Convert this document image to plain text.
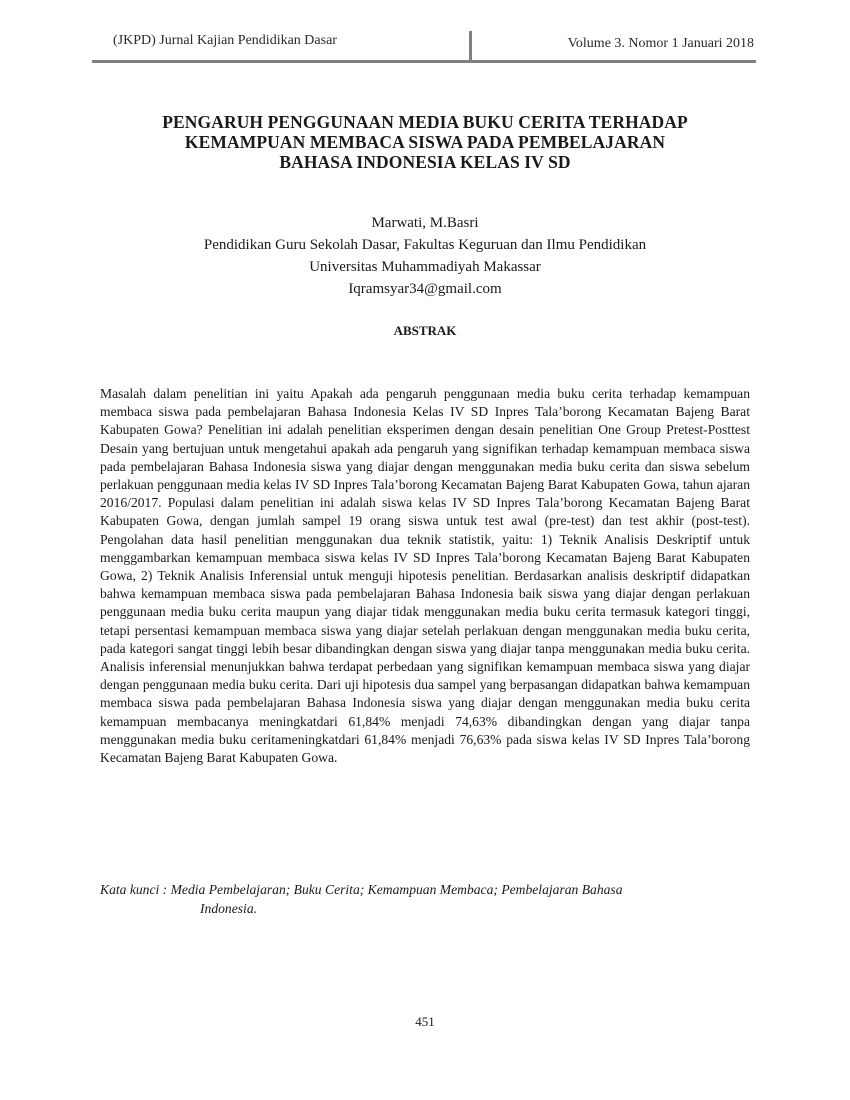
(JKPD) Jurnal Kajian Pendidikan Dasar	Volume 3. Nomor 1 Januari 2018
PENGARUH PENGGUNAAN MEDIA BUKU CERITA TERHADAP
KEMAMPUAN MEMBACA SISWA PADA PEMBELAJARAN
BAHASA INDONESIA KELAS IV SD
Marwati, M.Basri
Pendidikan Guru Sekolah Dasar, Fakultas Keguruan dan Ilmu Pendidikan
Universitas Muhammadiyah Makassar
Iqramsyar34@gmail.com
ABSTRAK
Masalah dalam penelitian ini yaitu Apakah ada pengaruh penggunaan media buku cerita terhadap kemampuan membaca siswa pada pembelajaran Bahasa Indonesia Kelas IV SD Inpres Tala’borong Kecamatan Bajeng Barat Kabupaten Gowa? Penelitian ini adalah penelitian eksperimen dengan desain penelitian One Group Pretest-Posttest Desain yang bertujuan untuk mengetahui apakah ada pengaruh yang signifikan terhadap kemampuan membaca siswa pada pembelajaran Bahasa Indonesia siswa yang diajar dengan menggunakan media buku cerita dan siswa sebelum perlakuan penggunaan media kelas IV SD Inpres Tala’borong Kecamatan Bajeng Barat Kabupaten Gowa, tahun ajaran 2016/2017. Populasi dalam penelitian ini adalah siswa kelas IV SD Inpres Tala’borong Kecamatan Bajeng Barat Kabupaten Gowa, dengan jumlah sampel 19 orang siswa untuk test awal (pre-test) dan test akhir (post-test). Pengolahan data hasil penelitian menggunakan dua teknik statistik, yaitu: 1) Teknik Analisis Deskriptif untuk menggambarkan kemampuan membaca siswa kelas IV SD Inpres Tala’borong Kecamatan Bajeng Barat Kabupaten Gowa, 2) Teknik Analisis Inferensial untuk menguji hipotesis penelitian. Berdasarkan analisis deskriptif didapatkan bahwa kemampuan membaca siswa pada pembelajaran Bahasa Indonesia baik siswa yang diajar dengan perlakuan penggunaan media buku cerita maupun yang diajar tidak menggunakan media buku cerita termasuk kategori tinggi, tetapi persentasi kemampuan membaca siswa yang diajar setelah perlakuan dengan menggunakan media buku cerita, pada kategori sangat tinggi lebih besar dibandingkan dengan siswa yang diajar tanpa menggunakan media buku cerita. Analisis inferensial menunjukkan bahwa terdapat perbedaan yang signifikan kemampuan membaca siswa yang diajar dengan penggunaan media buku cerita. Dari uji hipotesis dua sampel yang berpasangan didapatkan bahwa kemampuan membaca siswa pada pembelajaran Bahasa Indonesia siswa yang diajar dengan menggunakan media buku cerita kemampuan membacanya meningkatdari 61,84% menjadi 74,63% dibandingkan dengan yang diajar tanpa menggunakan media buku ceritameningkatdari 61,84% menjadi 76,63% pada siswa kelas IV SD Inpres Tala’borong Kecamatan Bajeng Barat Kabupaten Gowa.
Kata kunci : Media Pembelajaran; Buku Cerita; Kemampuan Membaca; Pembelajaran Bahasa
Indonesia.
451
